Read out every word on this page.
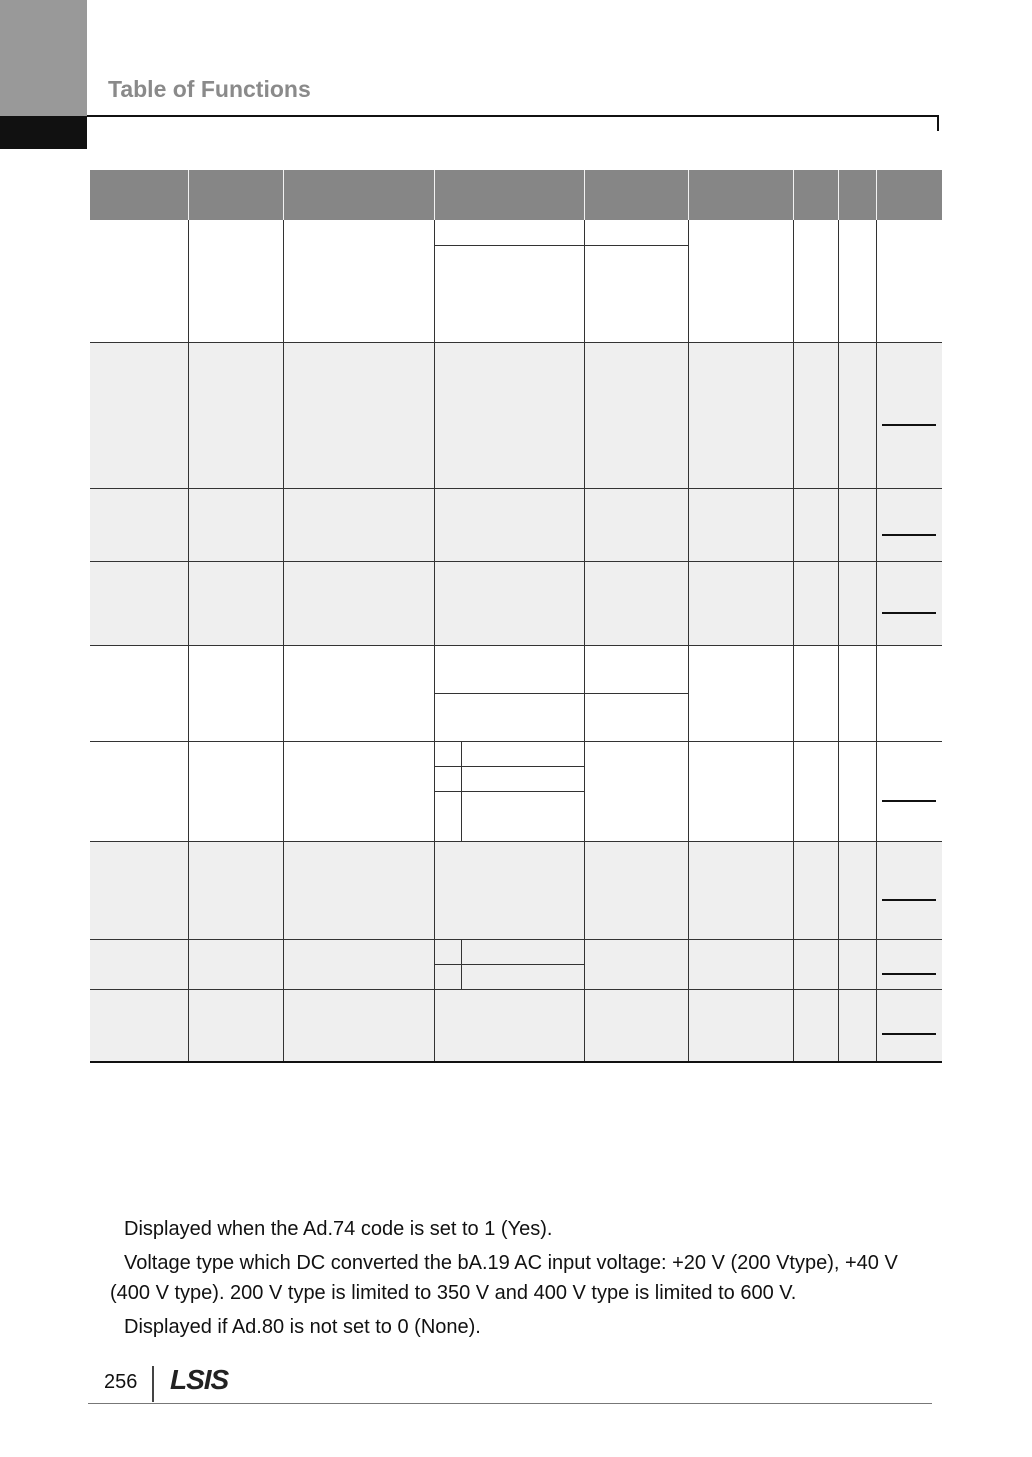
Table of Functions

Displayed when the Ad.74 code is set to 1 (Yes).

Voltage type which DC converted the bA.19 AC input voltage: +20 V (200 Vtype), +40 V (400 V type). 200 V type is limited to 350 V and 400 V type is limited to 600 V.

Displayed if Ad.80 is not set to 0 (None).

256 LSIS
